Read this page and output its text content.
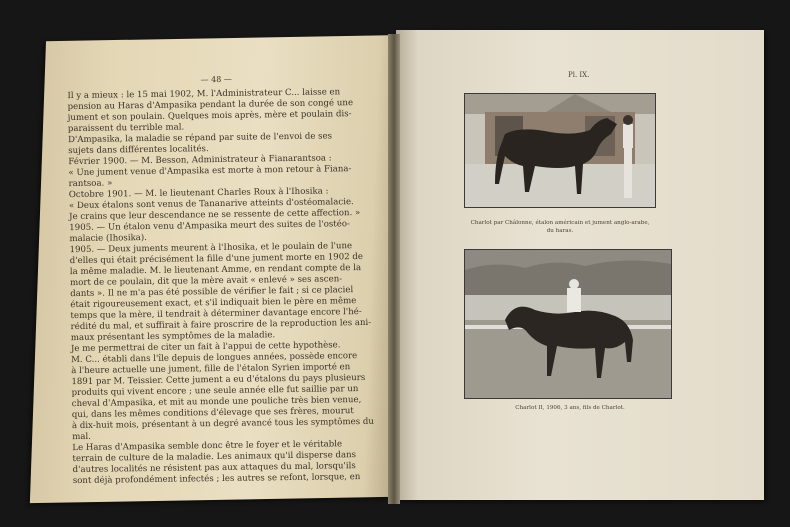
— 48 —

Il y a mieux : le 15 mai 1902, M. l'Administrateur C... laisse en

pension au Haras d'Ampasika pendant la durée de son congé une

jument et son poulain. Quelques mois après, mère et poulain dis-

paraissent du terrible mal.

D'Ampasika, la maladie se répand par suite de l'envoi de ses

sujets dans différentes localités.

Février 1900. — M. Besson, Administrateur à Fianarantsoa :

« Une jument venue d'Ampasika est morte à mon retour à Fiana-

rantsoa. »

Octobre 1901. — M. le lieutenant Charles Roux à l'Ihosika :

« Deux étalons sont venus de Tananarive atteints d'ostéomalacie.

Je crains que leur descendance ne se ressente de cette affection. »

1905. — Un étalon venu d'Ampasika meurt des suites de l'ostéo-

malacie (Ihosika).

1905. — Deux juments meurent à l'Ihosika, et le poulain de l'une

d'elles qui était précisément la fille d'une jument morte en 1902 de

la même maladie. M. le lieutenant Amme, en rendant compte de la

mort de ce poulain, dit que la mère avait « enlevé » ses ascen-

dants ». Il ne m'a pas été possible de vérifier le fait ; si ce placiel

était rigoureusement exact, et s'il indiquait bien le père en même

temps que la mère, il tendrait à déterminer davantage encore l'hé-

rédité du mal, et suffirait à faire proscrire de la reproduction les ani-

maux présentant les symptômes de la maladie.

Je me permettrai de citer un fait à l'appui de cette hypothèse.

M. C... établi dans l'île depuis de longues années, possède encore

à l'heure actuelle une jument, fille de l'étalon Syrien importé en

1891 par M. Teissier. Cette jument a eu d'étalons du pays plusieurs

produits qui vivent encore ; une seule année elle fut saillie par un

cheval d'Ampasika, et mit au monde une pouliche très bien venue,

qui, dans les mêmes conditions d'élevage que ses frères, mourut

à dix-huit mois, présentant à un degré avancé tous les symptômes du

mal.

Le Haras d'Ampasika semble donc être le foyer et le véritable

terrain de culture de la maladie. Les animaux qu'il disperse dans

d'autres localités ne résistent pas aux attaques du mal, lorsqu'ils

sont déjà profondément infectés ; les autres se refont, lorsque, en

Pl. IX.
Charlot par Châlonne, étalon américain et jument anglo-arabe, du haras.
Charlot II, 1906, 3 ans, fils de Charlot.
